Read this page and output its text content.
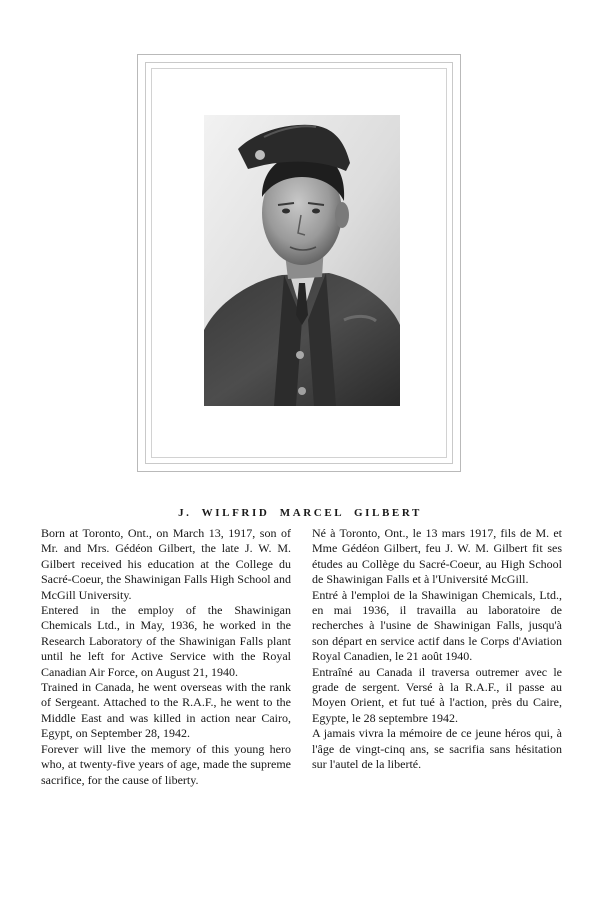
J. WILFRID MARCEL GILBERT

Born at Toronto, Ont., on March 13, 1917, son of Mr. and Mrs. Gédéon Gilbert, the late J. W. M. Gilbert received his education at the College du Sacré-Coeur, the Shawinigan Falls High School and McGill University.

Entered in the employ of the Shawinigan Chemicals Ltd., in May, 1936, he worked in the Research Laboratory of the Shawinigan Falls plant until he left for Active Service with the Royal Canadian Air Force, on August 21, 1940.

Trained in Canada, he went overseas with the rank of Sergeant. Attached to the R.A.F., he went to the Middle East and was killed in action near Cairo, Egypt, on September 28, 1942.

Forever will live the memory of this young hero who, at twenty-five years of age, made the supreme sacrifice, for the cause of liberty.

Né à Toronto, Ont., le 13 mars 1917, fils de M. et Mme Gédéon Gilbert, feu J. W. M. Gilbert fit ses études au Collège du Sacré-Coeur, au High School de Shawinigan Falls et à l'Université McGill.

Entré à l'emploi de la Shawinigan Chemicals, Ltd., en mai 1936, il travailla au laboratoire de recherches à l'usine de Shawinigan Falls, jusqu'à son départ en service actif dans le Corps d'Aviation Royal Canadien, le 21 août 1940.

Entraîné au Canada il traversa outremer avec le grade de sergent. Versé à la R.A.F., il passe au Moyen Orient, et fut tué à l'action, près du Caire, Egypte, le 28 septembre 1942.

A jamais vivra la mémoire de ce jeune héros qui, à l'âge de vingt-cinq ans, se sacrifia sans hésitation sur l'autel de la liberté.
